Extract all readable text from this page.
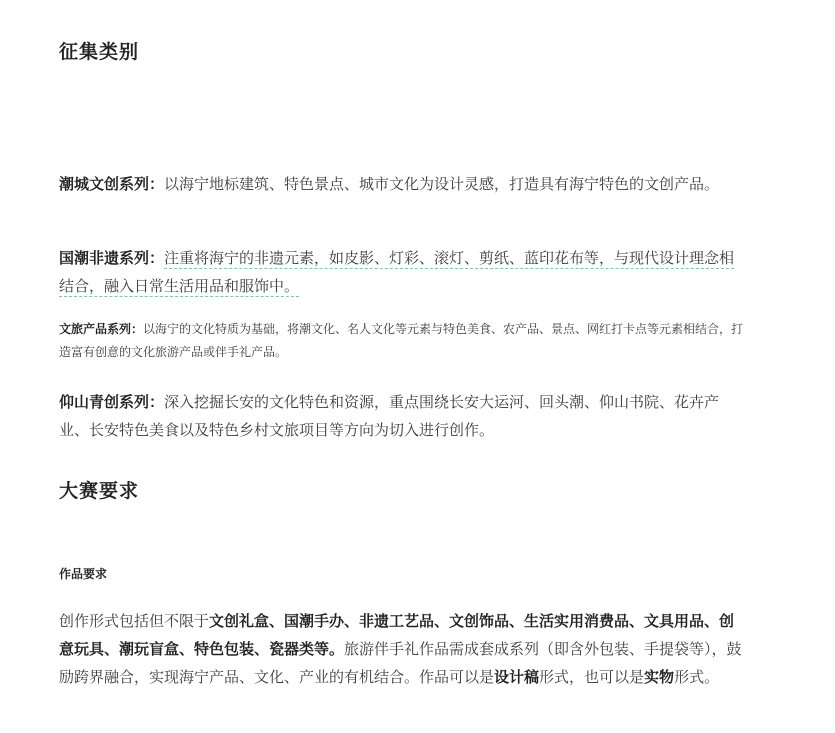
征集类别
潮城文创系列：以海宁地标建筑、特色景点、城市文化为设计灵感，打造具有海宁特色的文创产品。
国潮非遗系列：注重将海宁的非遗元素，如皮影、灯彩、滚灯、剪纸、蓝印花布等，与现代设计理念相结合，融入日常生活用品和服饰中。
文旅产品系列：以海宁的文化特质为基础，将潮文化、名人文化等元素与特色美食、农产品、景点、网红打卡点等元素相结合，打造富有创意的文化旅游产品或伴手礼产品。
仰山青创系列：深入挖掘长安的文化特色和资源，重点围绕长安大运河、回头潮、仰山书院、花卉产业、长安特色美食以及特色乡村文旅项目等方向为切入进行创作。
大赛要求
作品要求
创作形式包括但不限于文创礼盒、国潮手办、非遗工艺品、文创饰品、生活实用消费品、文具用品、创意玩具、潮玩盲盒、特色包装、瓷器类等。旅游伴手礼作品需成套成系列（即含外包装、手提袋等），鼓励跨界融合，实现海宁产品、文化、产业的有机结合。作品可以是设计稿形式，也可以是实物形式。
